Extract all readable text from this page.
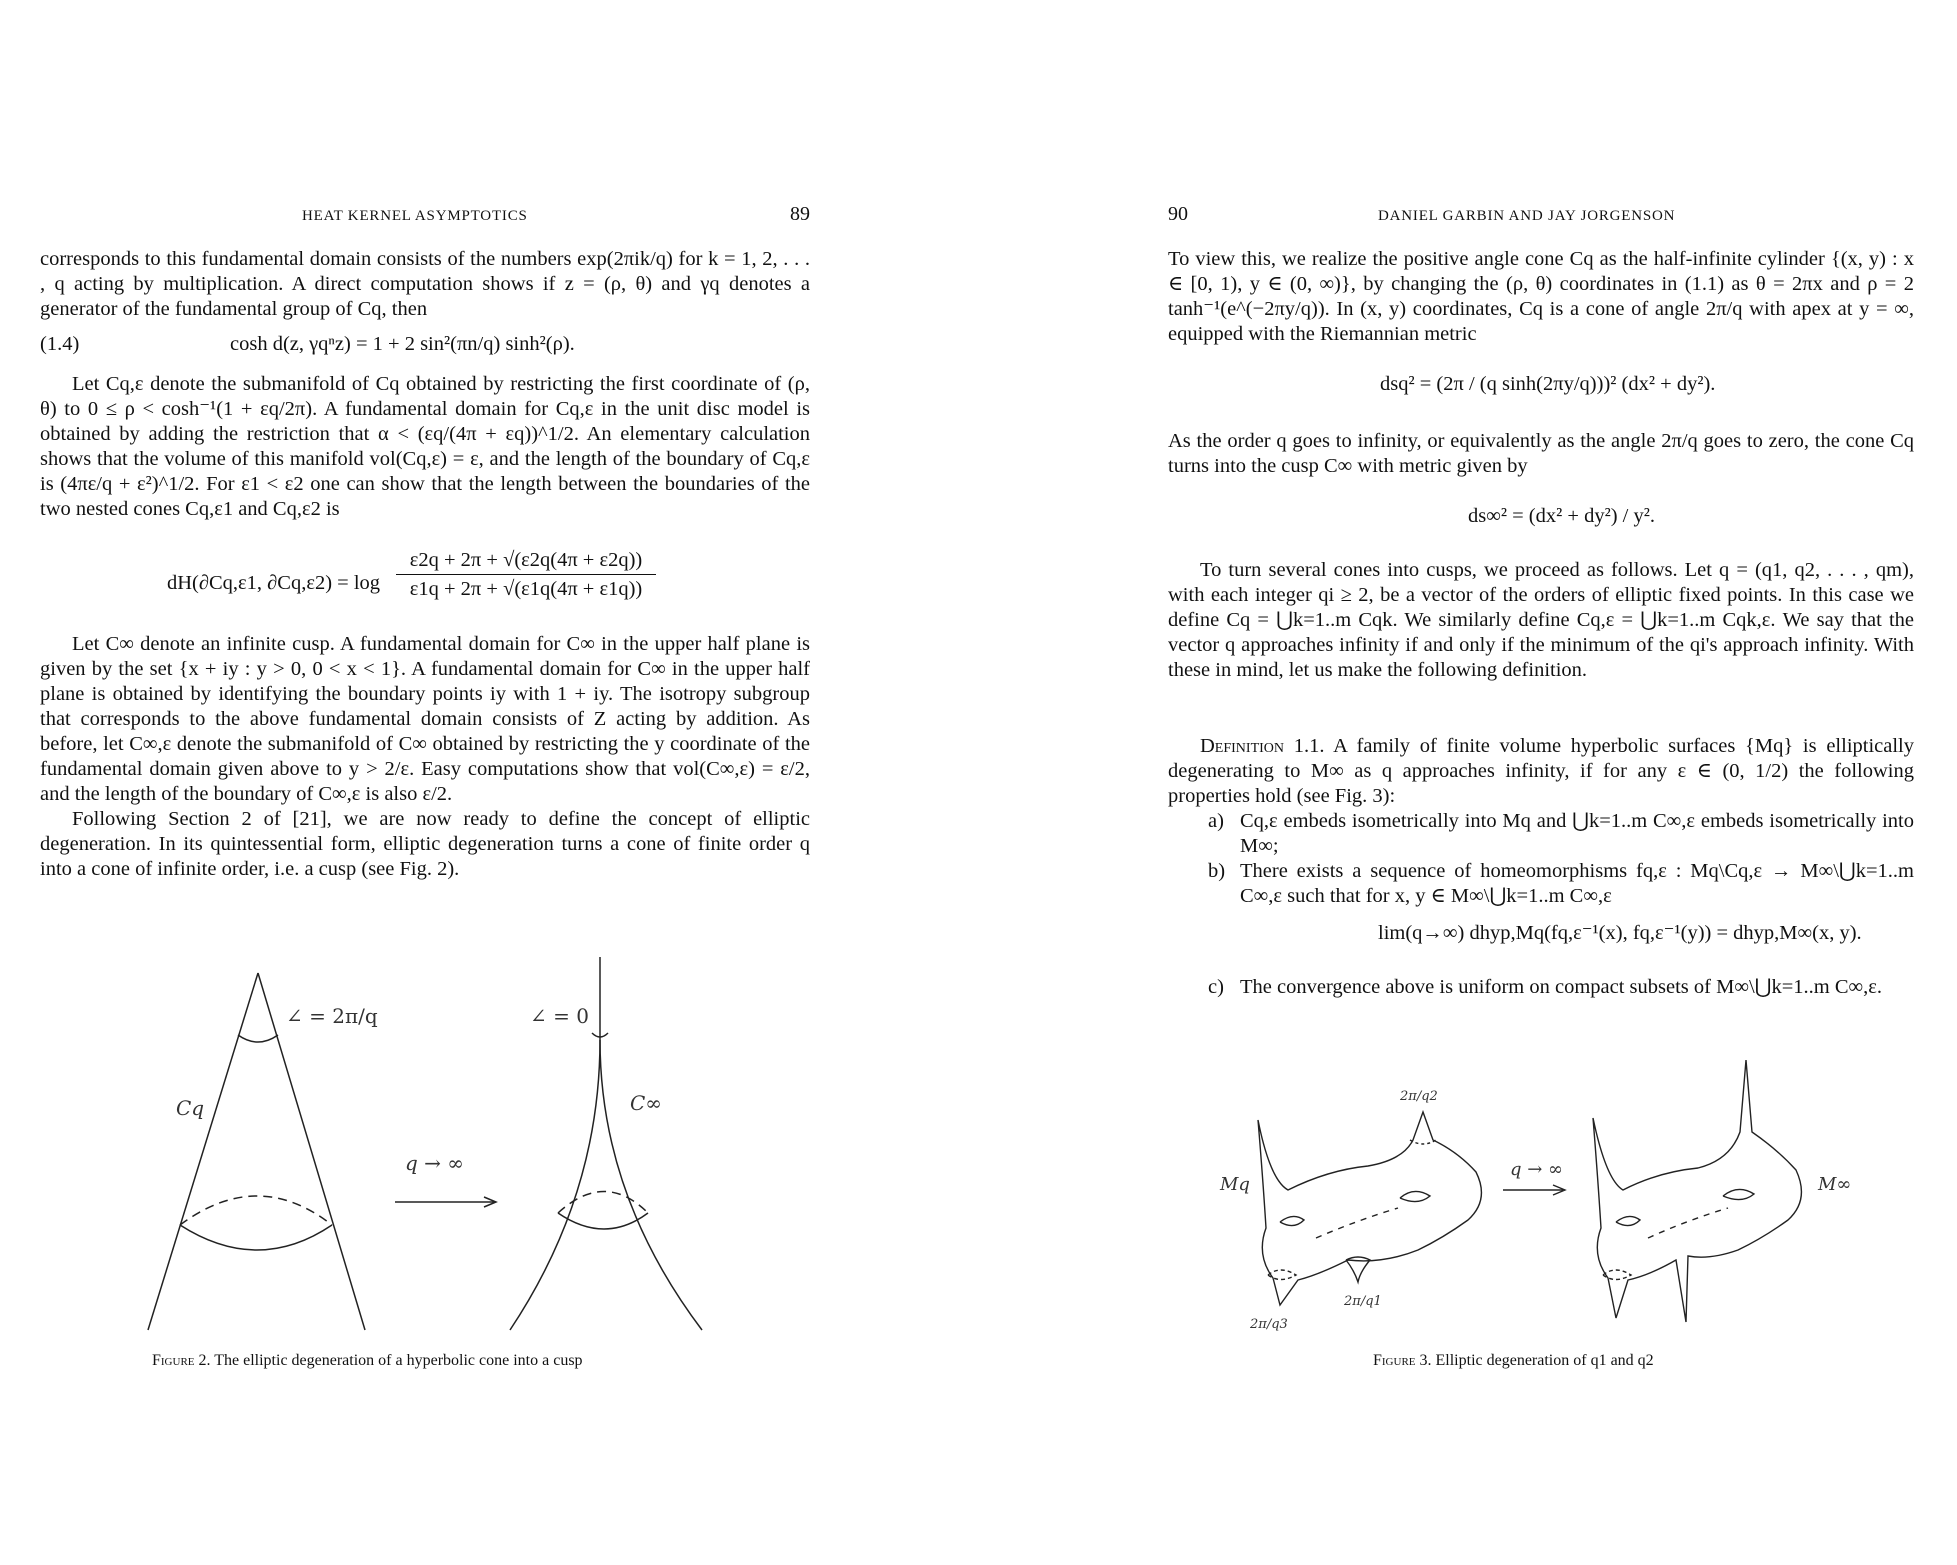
HEAT KERNEL ASYMPTOTICS	89

corresponds to this fundamental domain consists of the numbers exp(2πik/q) for k = 1, 2, . . . , q acting by multiplication. A direct computation shows if z = (ρ, θ) and γq denotes a generator of the fundamental group of Cq, then

(1.4)	cosh d(z, γqⁿz) = 1 + 2 sin²(πn/q) sinh²(ρ).

Let Cq,ε denote the submanifold of Cq obtained by restricting the first coordinate of (ρ, θ) to 0 ≤ ρ < cosh⁻¹(1 + εq/2π). A fundamental domain for Cq,ε in the unit disc model is obtained by adding the restriction that α < (εq/(4π + εq))^1/2. An elementary calculation shows that the volume of this manifold vol(Cq,ε) = ε, and the length of the boundary of Cq,ε is (4πε/q + ε²)^1/2. For ε1 < ε2 one can show that the length between the boundaries of the two nested cones Cq,ε1 and Cq,ε2 is

dH(∂Cq,ε1, ∂Cq,ε2) = log
ε2q + 2π + √(ε2q(4π + ε2q))
ε1q + 2π + √(ε1q(4π + ε1q))

Let C∞ denote an infinite cusp. A fundamental domain for C∞ in the upper half plane is given by the set {x + iy : y > 0, 0 < x < 1}. A fundamental domain for C∞ in the upper half plane is obtained by identifying the boundary points iy with 1 + iy. The isotropy subgroup that corresponds to the above fundamental domain consists of Z acting by addition. As before, let C∞,ε denote the submanifold of C∞ obtained by restricting the y coordinate of the fundamental domain given above to y > 2/ε. Easy computations show that vol(C∞,ε) = ε/2, and the length of the boundary of C∞,ε is also ε/2.

Following Section 2 of [21], we are now ready to define the concept of elliptic degeneration. In its quintessential form, elliptic degeneration turns a cone of finite order q into a cone of infinite order, i.e. a cusp (see Fig. 2).

∠ = 2π/q	∠ = 0
Cq	C∞
q → ∞
Figure 2. The elliptic degeneration of a hyperbolic cone into a cusp
90	DANIEL GARBIN AND JAY JORGENSON

To view this, we realize the positive angle cone Cq as the half-infinite cylinder {(x, y) : x ∈ [0, 1), y ∈ (0, ∞)}, by changing the (ρ, θ) coordinates in (1.1) as θ = 2πx and ρ = 2 tanh⁻¹(e^(−2πy/q)). In (x, y) coordinates, Cq is a cone of angle 2π/q with apex at y = ∞, equipped with the Riemannian metric

dsq² = (2π / (q sinh(2πy/q)))² (dx² + dy²).

As the order q goes to infinity, or equivalently as the angle 2π/q goes to zero, the cone Cq turns into the cusp C∞ with metric given by

ds∞² = (dx² + dy²) / y².

To turn several cones into cusps, we proceed as follows. Let q = (q1, q2, . . . , qm), with each integer qi ≥ 2, be a vector of the orders of elliptic fixed points. In this case we define Cq = ⋃k=1..m Cqk. We similarly define Cq,ε = ⋃k=1..m Cqk,ε. We say that the vector q approaches infinity if and only if the minimum of the qi's approach infinity. With these in mind, let us make the following definition.

Definition 1.1. A family of finite volume hyperbolic surfaces {Mq} is elliptically degenerating to M∞ as q approaches infinity, if for any ε ∈ (0, 1/2) the following properties hold (see Fig. 3):

a) Cq,ε embeds isometrically into Mq and ⋃k=1..m C∞,ε embeds isometrically into M∞;
b) There exists a sequence of homeomorphisms fq,ε : Mq\Cq,ε → M∞\⋃k=1..m C∞,ε such that for x, y ∈ M∞\⋃k=1..m C∞,ε
lim(q→∞) dhyp,Mq(fq,ε⁻¹(x), fq,ε⁻¹(y)) = dhyp,M∞(x, y).
c) The convergence above is uniform on compact subsets of M∞\⋃k=1..m C∞,ε.
Mq	M∞
q → ∞
2π/q2
2π/q1
2π/q3
Figure 3. Elliptic degeneration of q1 and q2
